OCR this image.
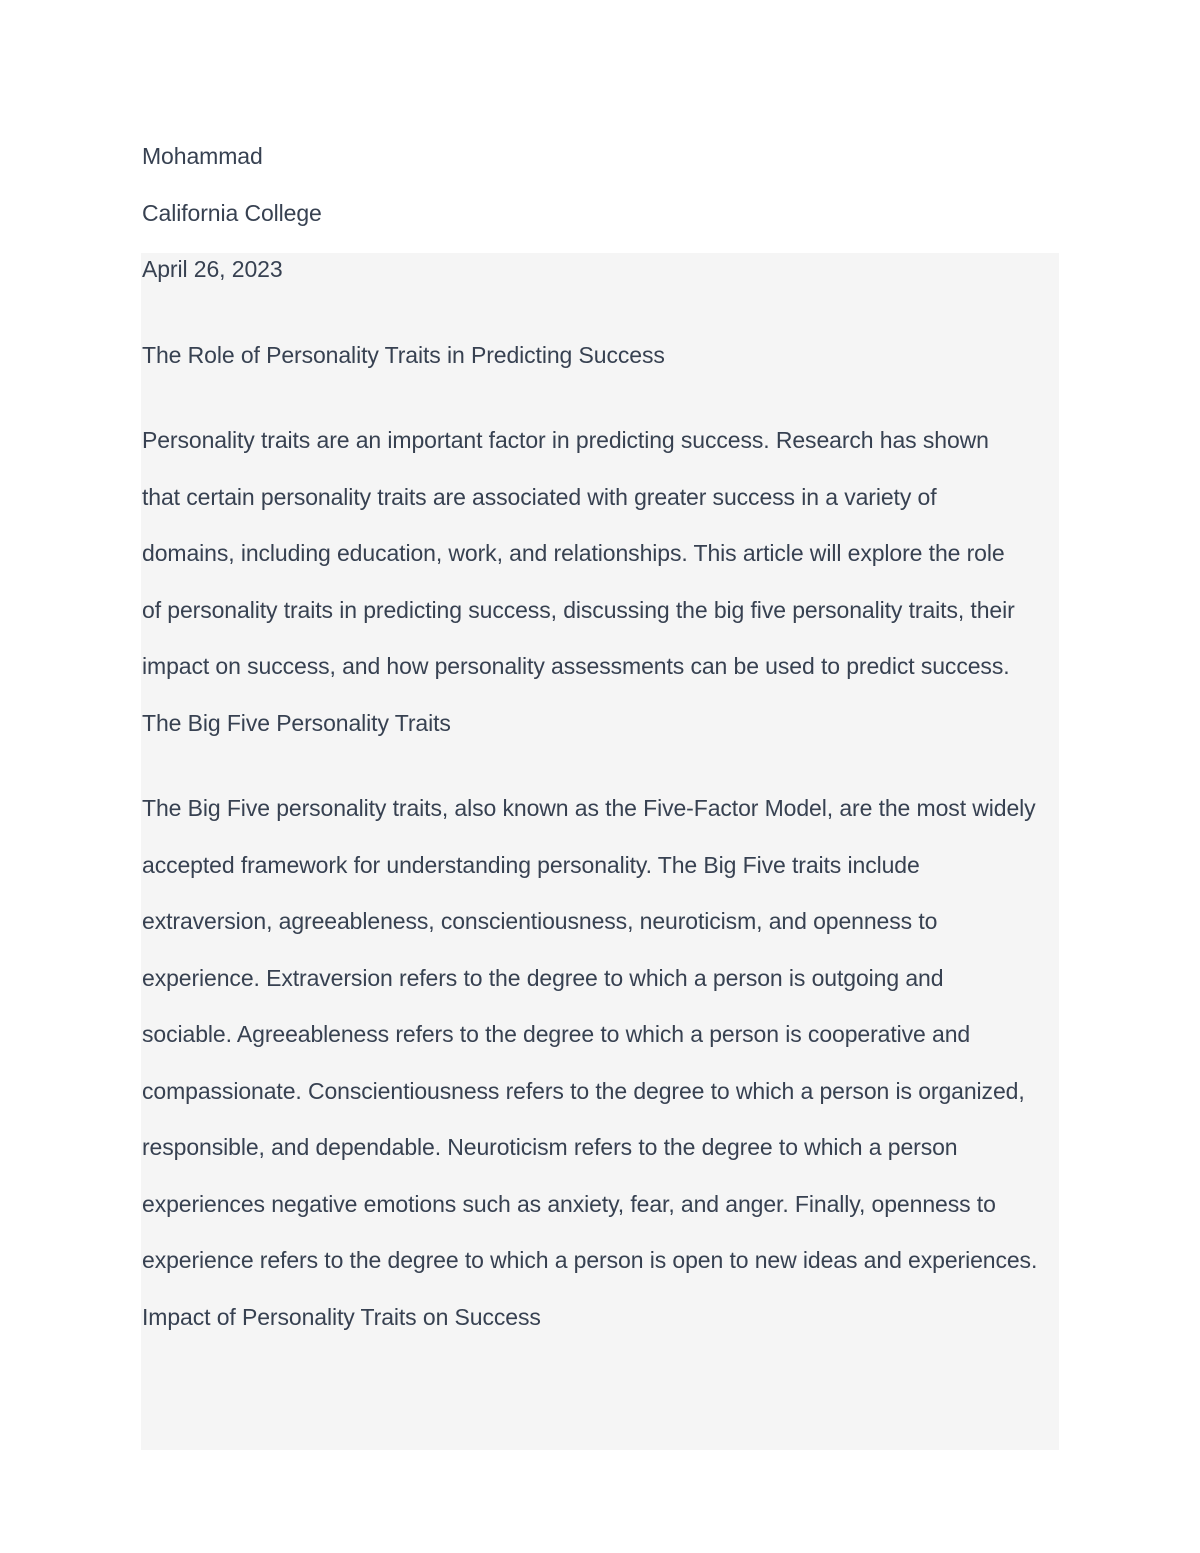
Mohammad

California College

April 26, 2023

The Role of Personality Traits in Predicting Success

Personality traits are an important factor in predicting success. Research has shown

that certain personality traits are associated with greater success in a variety of

domains, including education, work, and relationships. This article will explore the role

of personality traits in predicting success, discussing the big five personality traits, their

impact on success, and how personality assessments can be used to predict success.

The Big Five Personality Traits

The Big Five personality traits, also known as the Five-Factor Model, are the most widely

accepted framework for understanding personality. The Big Five traits include

extraversion, agreeableness, conscientiousness, neuroticism, and openness to

experience. Extraversion refers to the degree to which a person is outgoing and

sociable. Agreeableness refers to the degree to which a person is cooperative and

compassionate. Conscientiousness refers to the degree to which a person is organized,

responsible, and dependable. Neuroticism refers to the degree to which a person

experiences negative emotions such as anxiety, fear, and anger. Finally, openness to

experience refers to the degree to which a person is open to new ideas and experiences.

Impact of Personality Traits on Success
